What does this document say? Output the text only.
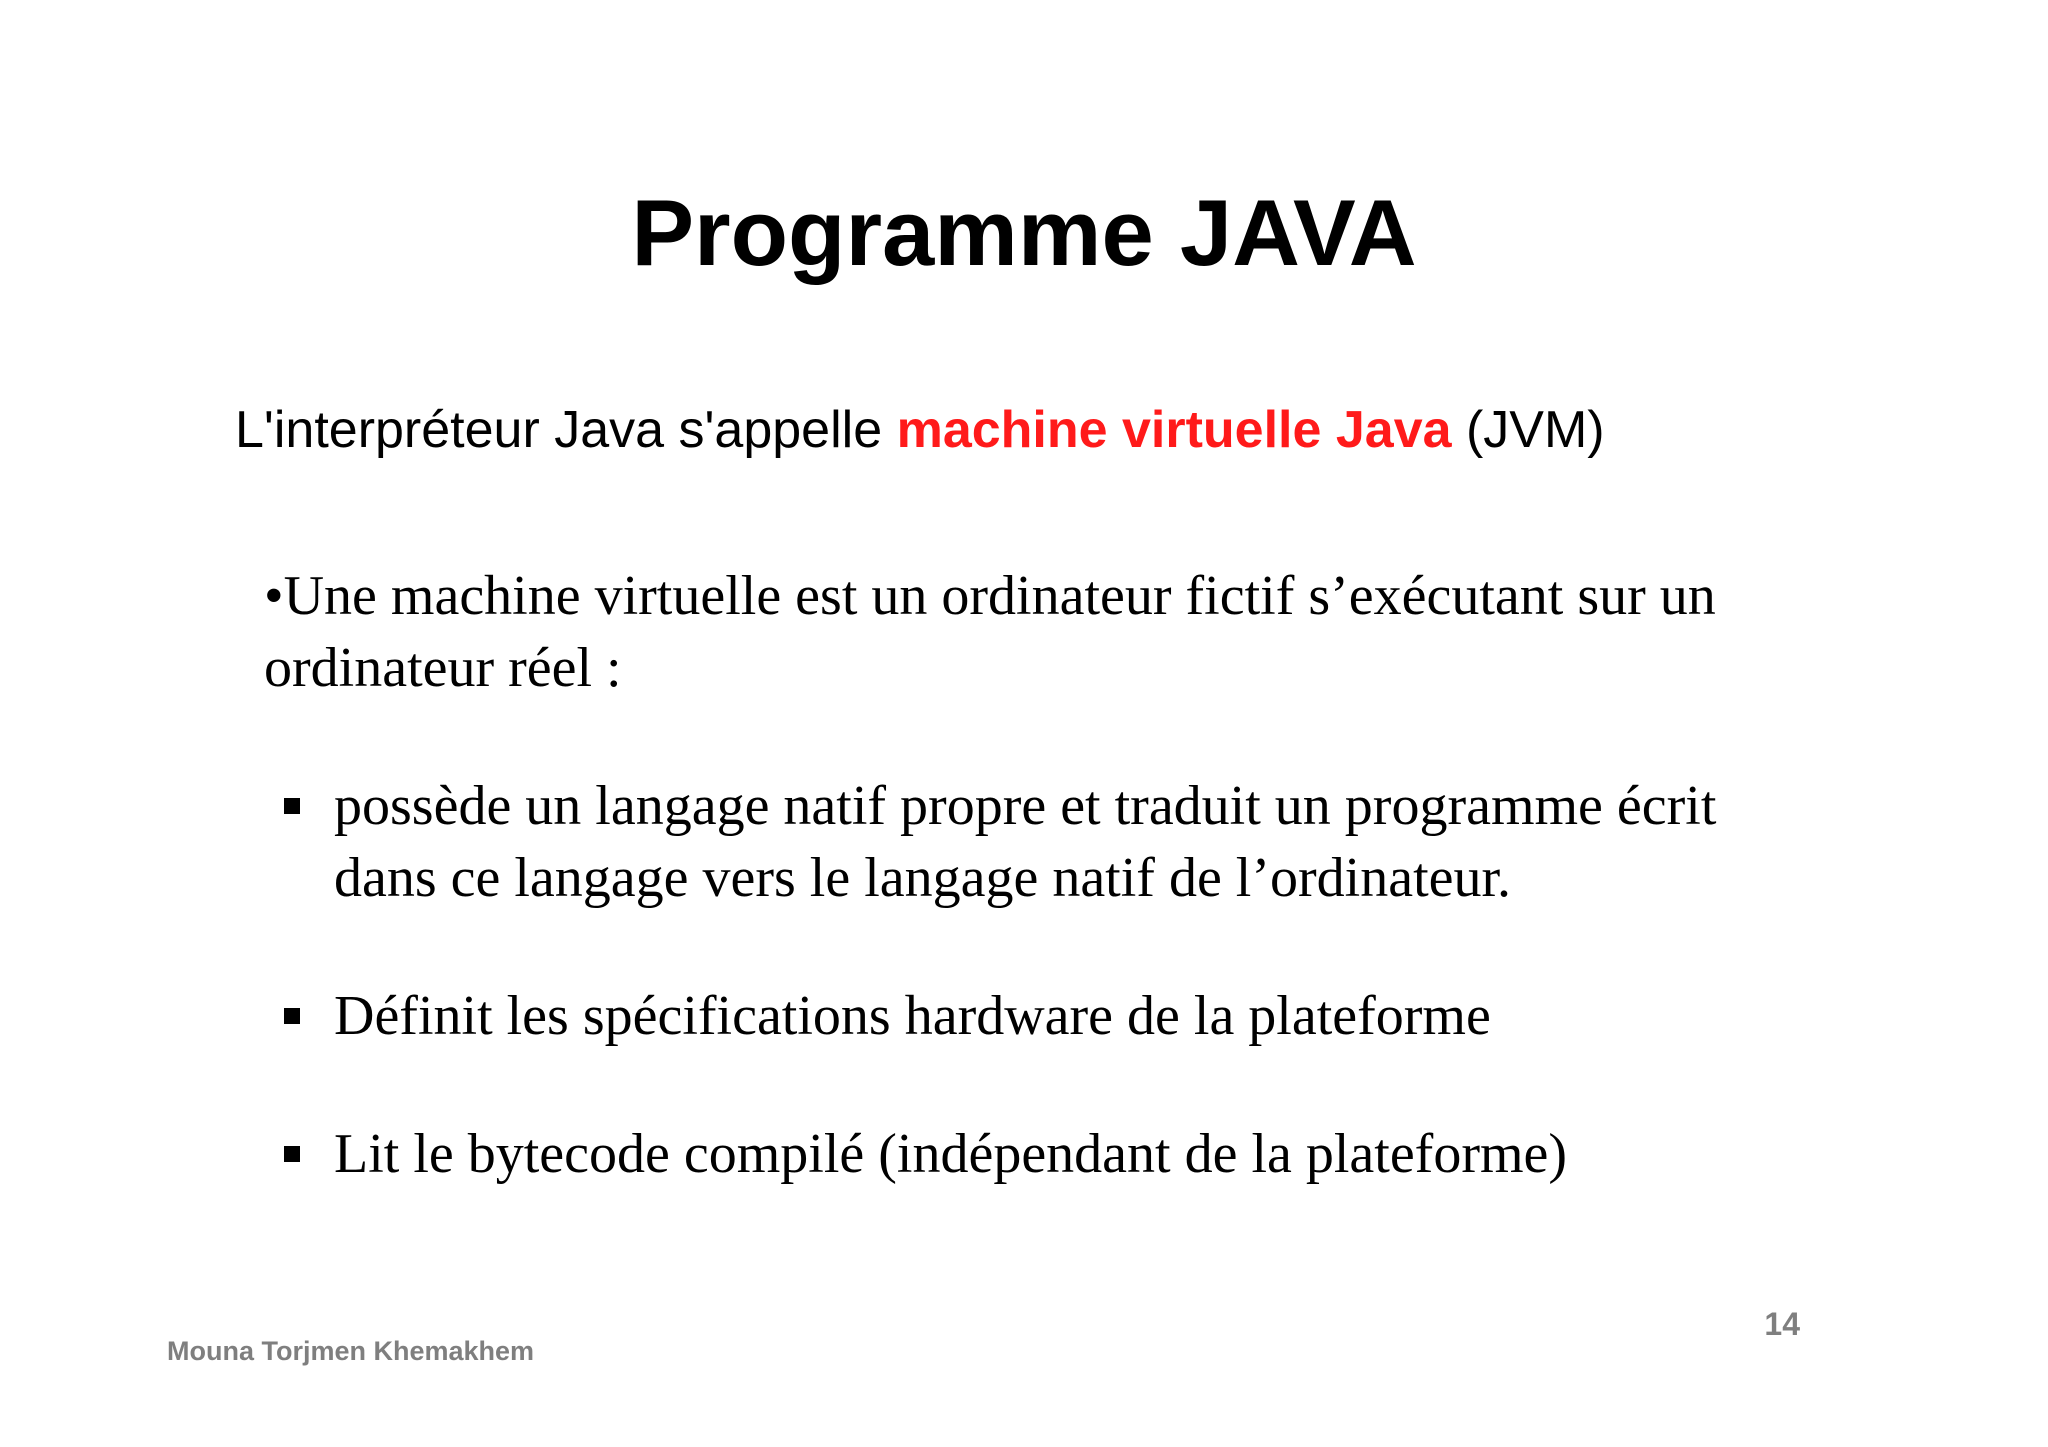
Programme JAVA
L'interpréteur Java s'appelle machine virtuelle Java (JVM)
•Une machine virtuelle est un ordinateur fictif s’exécutant sur un ordinateur réel :
possède un langage natif propre et traduit un programme écrit dans ce langage vers le langage natif de l’ordinateur.
Définit les spécifications hardware de la plateforme
Lit le bytecode compilé (indépendant de la plateforme)
14
Mouna Torjmen Khemakhem
